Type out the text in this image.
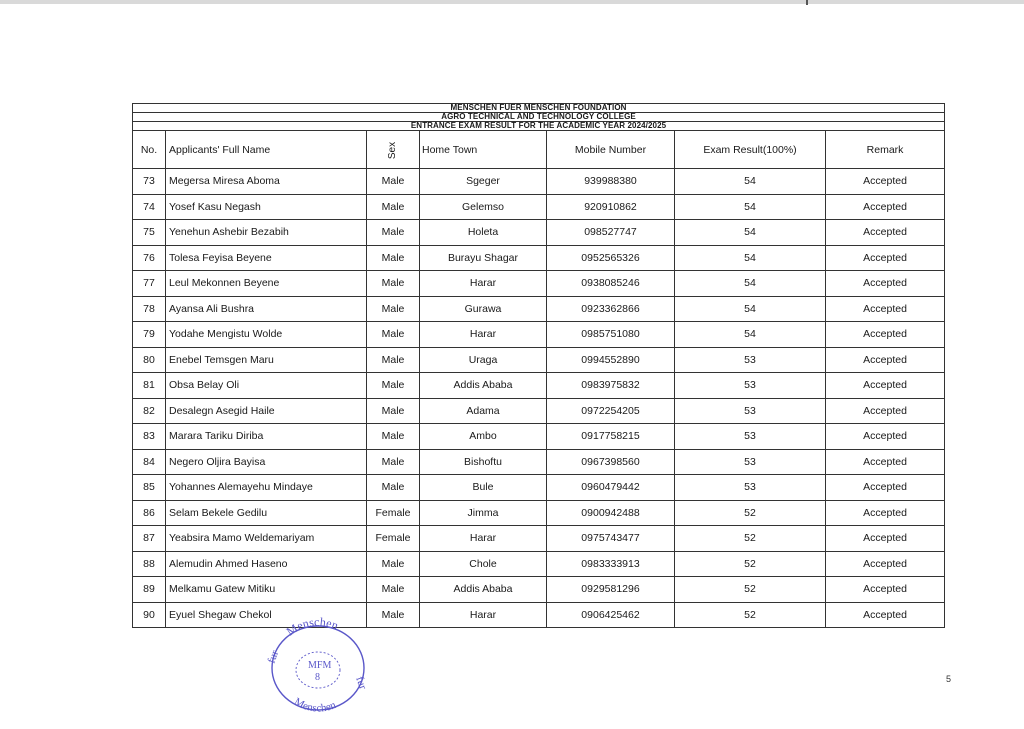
MENSCHEN FUER MENSCHEN FOUNDATION						
AGRO TECHNICAL AND TECHNOLOGY COLLEGE						
ENTRANCE EXAM RESULT FOR THE ACADEMIC YEAR 2024/2025						
No.	Applicants' Full Name	Sex	Home Town	Mobile Number	Exam Result(100%)	Remark
73	Megersa Miresa Aboma	Male	Sgeger	939988380	54	Accepted
74	Yosef Kasu Negash	Male	Gelemso	920910862	54	Accepted
75	Yenehun Ashebir Bezabih	Male	Holeta	098527747	54	Accepted
76	Tolesa Feyisa Beyene	Male	Burayu Shagar	0952565326	54	Accepted
77	Leul Mekonnen Beyene	Male	Harar	0938085246	54	Accepted
78	Ayansa Ali Bushra	Male	Gurawa	0923362866	54	Accepted
79	Yodahe Mengistu Wolde	Male	Harar	0985751080	54	Accepted
80	Enebel Temsgen Maru	Male	Uraga	0994552890	53	Accepted
81	Obsa Belay Oli	Male	Addis Ababa	0983975832	53	Accepted
82	Desalegn Asegid Haile	Male	Adama	0972254205	53	Accepted
83	Marara Tariku Diriba	Male	Ambo	0917758215	53	Accepted
84	Negero Oljira Bayisa	Male	Bishoftu	0967398560	53	Accepted
85	Yohannes Alemayehu Mindaye	Male	Bule	0960479442	53	Accepted
86	Selam Bekele Gedilu	Female	Jimma	0900942488	52	Accepted
87	Yeabsira Mamo Weldemariyam	Female	Harar	0975743477	52	Accepted
88	Alemudin Ahmed Haseno	Male	Chole	0983333913	52	Accepted
89	Melkamu Gatew Mitiku	Male	Addis Ababa	0929581296	52	Accepted
90	Eyuel Shegaw Chekol	Male	Harar	0906425462	52	Accepted
Menschen
fur
fur
Menschen
MFM
8	5
